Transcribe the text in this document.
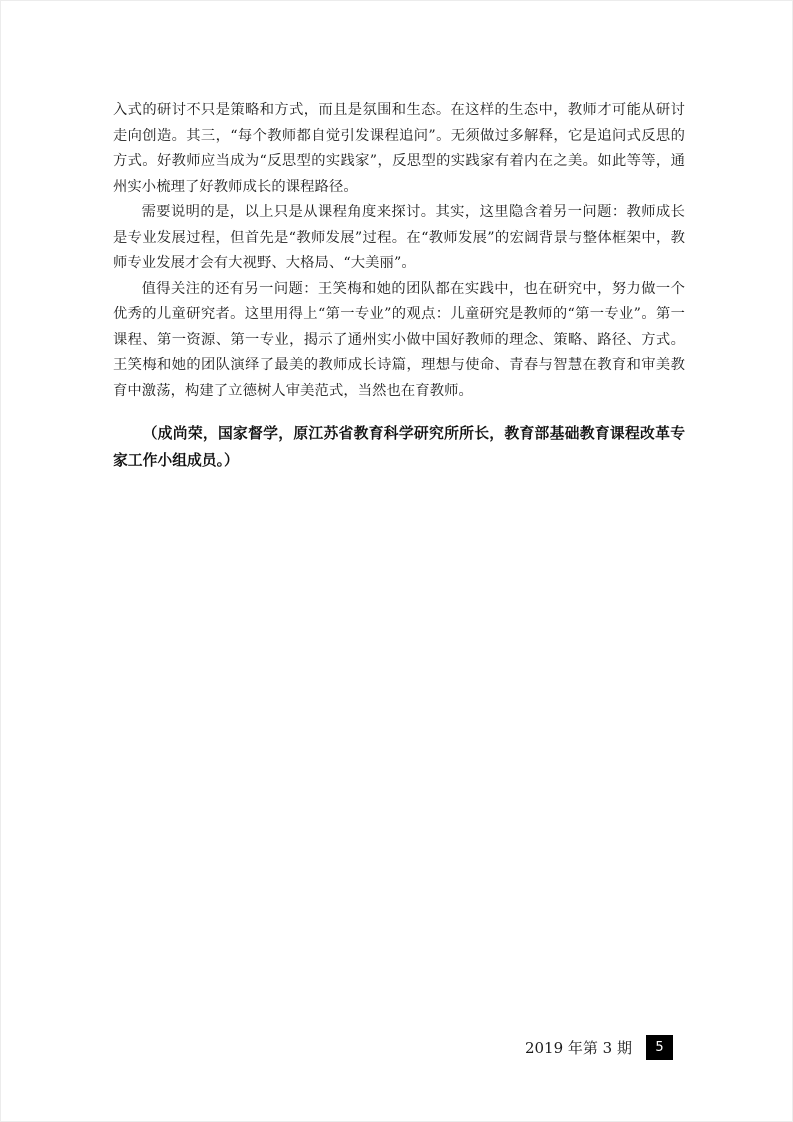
入式的研讨不只是策略和方式，而且是氛围和生态。在这样的生态中，教师才可能从研讨走向创造。其三，“每个教师都自觉引发课程追问”。无须做过多解释，它是追问式反思的方式。好教师应当成为“反思型的实践家”，反思型的实践家有着内在之美。如此等等，通州实小梳理了好教师成长的课程路径。

需要说明的是，以上只是从课程角度来探讨。其实，这里隐含着另一问题：教师成长是专业发展过程，但首先是“教师发展”过程。在“教师发展”的宏阔背景与整体框架中，教师专业发展才会有大视野、大格局、“大美丽”。

值得关注的还有另一问题：王笑梅和她的团队都在实践中，也在研究中，努力做一个优秀的儿童研究者。这里用得上“第一专业”的观点：儿童研究是教师的“第一专业”。第一课程、第一资源、第一专业，揭示了通州实小做中国好教师的理念、策略、路径、方式。王笑梅和她的团队演绎了最美的教师成长诗篇，理想与使命、青春与智慧在教育和审美教育中激荡，构建了立德树人审美范式，当然也在育教师。

（成尚荣，国家督学，原江苏省教育科学研究所所长，教育部基础教育课程改革专家工作小组成员。）

2019 年第 3 期	5
